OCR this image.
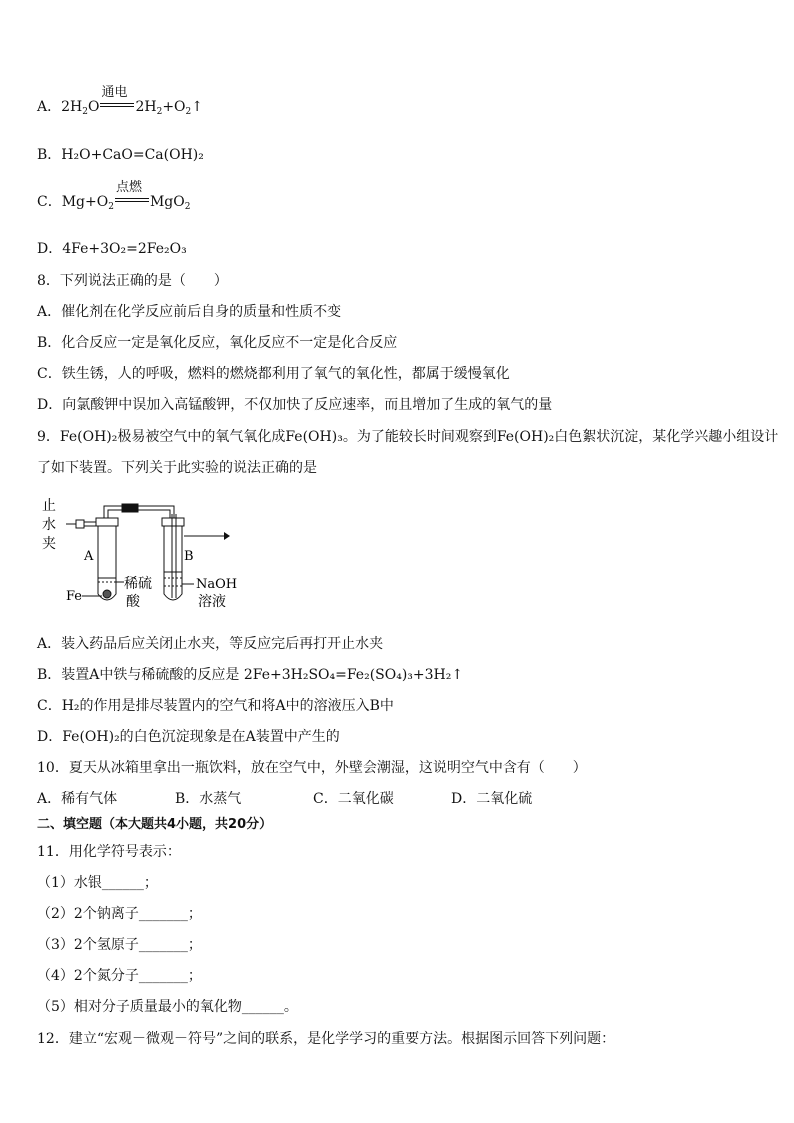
A．$2H_2O$
通电
$2H_2+O_2↑$
B．H₂O+CaO=Ca(OH)₂
C．$Mg+O_2$
点燃
MgO$_2$
D．4Fe+3O₂=2Fe₂O₃
8．下列说法正确的是（　　）
A．催化剂在化学反应前后自身的质量和性质不变
B．化合反应一定是氧化反应，氧化反应不一定是化合反应
C．铁生锈，人的呼吸，燃料的燃烧都利用了氧气的氧化性，都属于缓慢氧化
D．向氯酸钾中误加入高锰酸钾，不仅加快了反应速率，而且增加了生成的氧气的量
9．Fe(OH)₂极易被空气中的氧气氧化成Fe(OH)₃。为了能较长时间观察到Fe(OH)₂白色絮状沉淀，某化学兴趣小组设计
了如下装置。下列关于此实验的说法正确的是
止
水
夹
A	B
Fe
稀硫
酸
NaOH
溶液
A．装入药品后应关闭止水夹，等反应完后再打开止水夹
B．装置A中铁与稀硫酸的反应是 2Fe+3H₂SO₄=Fe₂(SO₄)₃+3H₂↑
C．H₂的作用是排尽装置内的空气和将A中的溶液压入B中
D．Fe(OH)₂的白色沉淀现象是在A装置中产生的
10．夏天从冰箱里拿出一瓶饮料，放在空气中，外壁会潮湿，这说明空气中含有（　　）
A．稀有气体	B．水蒸气	C．二氧化碳	D．二氧化硫
二、填空题（本大题共4小题，共20分）
11．用化学符号表示：
（1）水银______；
（2）2个钠离子_______；
（3）2个氢原子_______；
（4）2个氮分子_______；
（5）相对分子质量最小的氧化物______。
12．建立“宏观－微观－符号”之间的联系，是化学学习的重要方法。根据图示回答下列问题：
